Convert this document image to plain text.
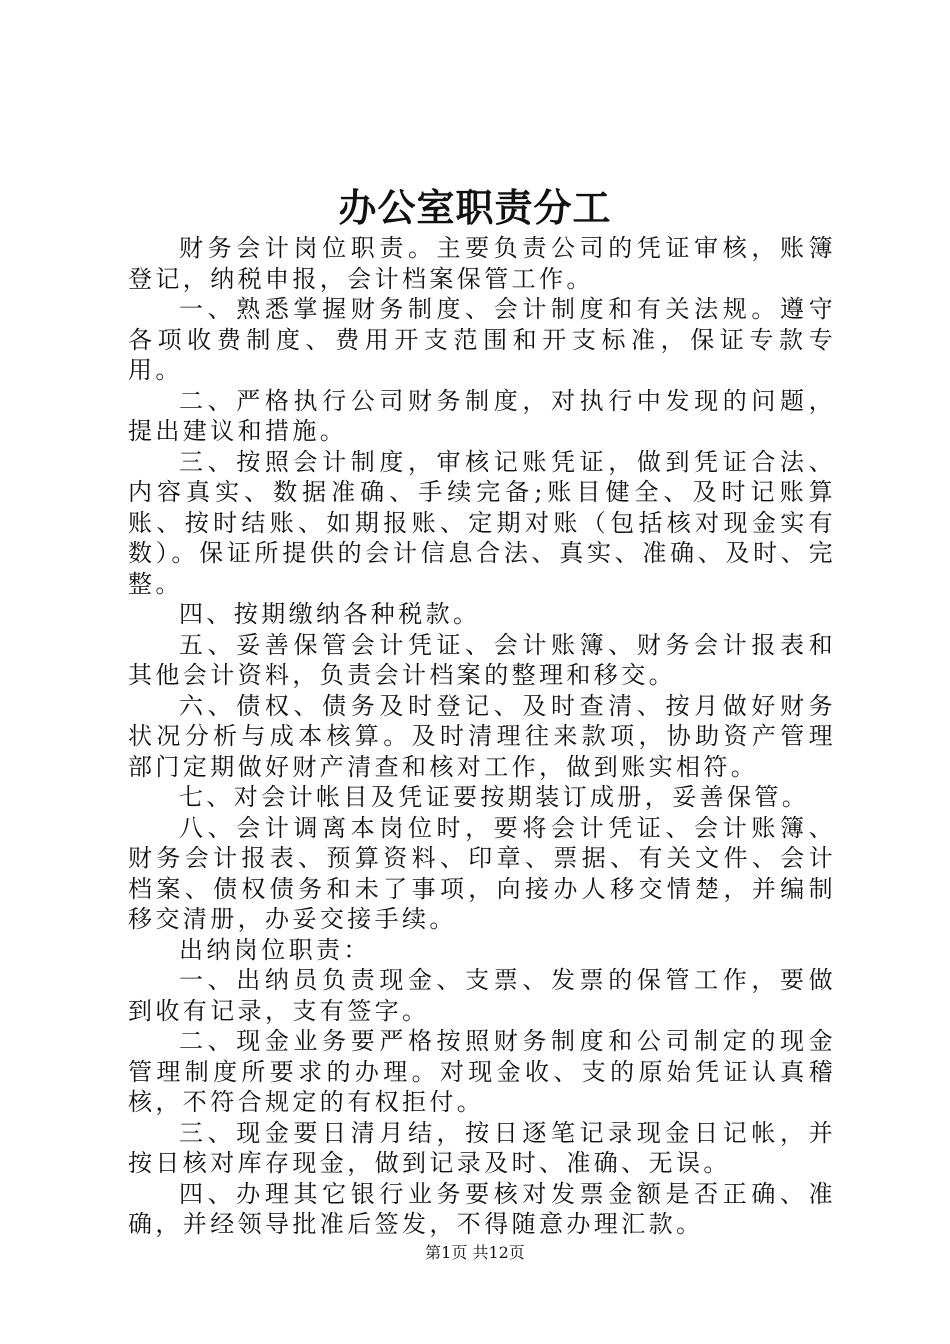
办公室职责分工

财务会计岗位职责。主要负责公司的凭证审核，账簿登记，纳税申报，会计档案保管工作。

一、熟悉掌握财务制度、会计制度和有关法规。遵守各项收费制度、费用开支范围和开支标准，保证专款专用。

二、严格执行公司财务制度，对执行中发现的问题，提出建议和措施。

三、按照会计制度，审核记账凭证，做到凭证合法、内容真实、数据准确、手续完备;账目健全、及时记账算账、按时结账、如期报账、定期对账（包括核对现金实有数）。保证所提供的会计信息合法、真实、准确、及时、完整。

四、按期缴纳各种税款。

五、妥善保管会计凭证、会计账簿、财务会计报表和其他会计资料，负责会计档案的整理和移交。

六、债权、债务及时登记、及时查清、按月做好财务状况分析与成本核算。及时清理往来款项，协助资产管理部门定期做好财产清查和核对工作，做到账实相符。

七、对会计帐目及凭证要按期装订成册，妥善保管。

八、会计调离本岗位时，要将会计凭证、会计账簿、财务会计报表、预算资料、印章、票据、有关文件、会计档案、债权债务和未了事项，向接办人移交情楚，并编制移交清册，办妥交接手续。

出纳岗位职责：

一、出纳员负责现金、支票、发票的保管工作，要做到收有记录，支有签字。

二、现金业务要严格按照财务制度和公司制定的现金管理制度所要求的办理。对现金收、支的原始凭证认真稽核，不符合规定的有权拒付。

三、现金要日清月结，按日逐笔记录现金日记帐，并按日核对库存现金，做到记录及时、准确、无误。

四、办理其它银行业务要核对发票金额是否正确、准确，并经领导批准后签发，不得随意办理汇款。

第1页 共12页
